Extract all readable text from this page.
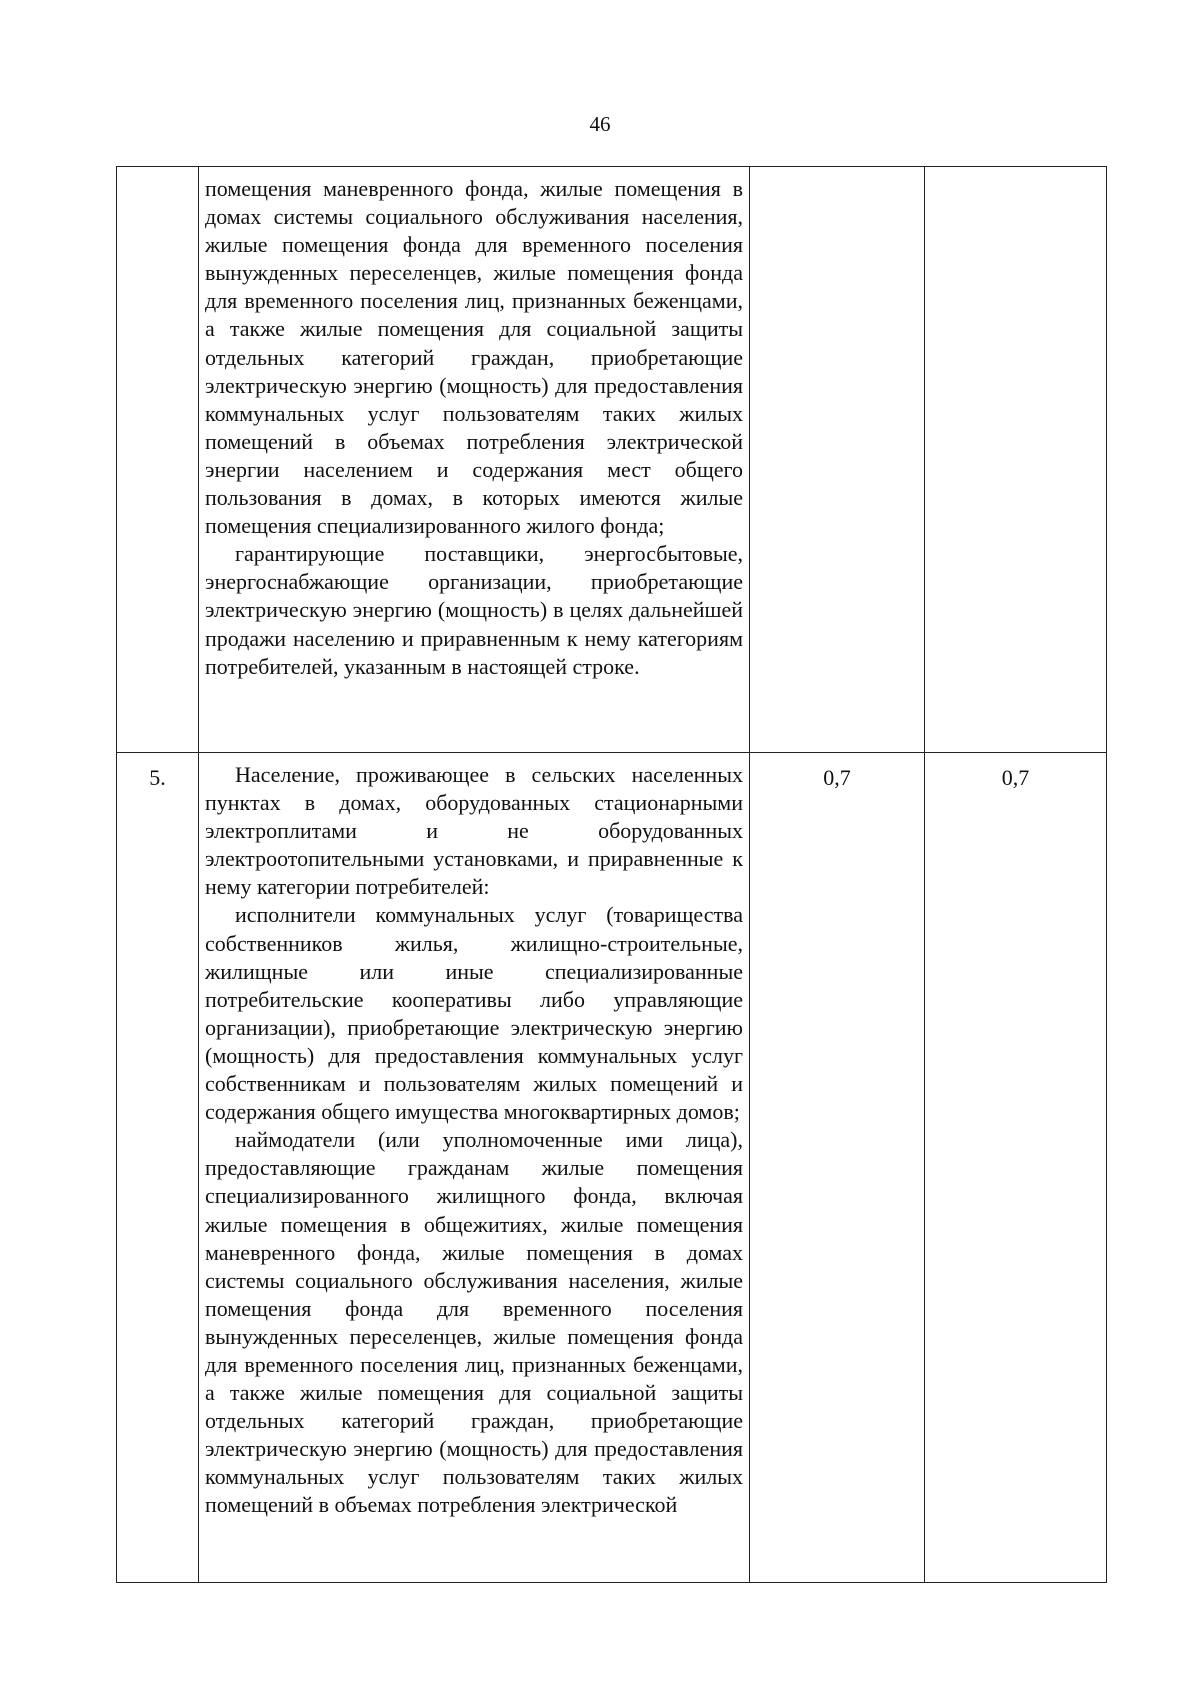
46

	помещения маневренного фонда, жилые помещения в домах системы социального обслуживания населения, жилые помещения фонда для временного поселения вынужденных переселенцев, жилые помещения фонда для временного поселения лиц, признанных беженцами, а также жилые помещения для социальной защиты отдельных категорий граждан, приобретающие электрическую энергию (мощность) для предоставления коммунальных услуг пользователям таких жилых помещений в объемах потребления электрической энергии населением и содержания мест общего пользования в домах, в которых имеются жилые помещения специализированного жилого фонда;

гарантирующие поставщики, энергосбытовые, энергоснабжающие организации, приобретающие электрическую энергию (мощность) в целях дальнейшей продажи населению и приравненным к нему категориям потребителей, указанным в настоящей строке.		

5.	Население, проживающее в сельских населенных пунктах в домах, оборудованных стационарными электроплитами и не оборудованных электроотопительными установками, и приравненные к нему категории потребителей:

исполнители коммунальных услуг (товарищества собственников жилья, жилищно-строительные, жилищные или иные специализированные потребительские кооперативы либо управляющие организации), приобретающие электрическую энергию (мощность) для предоставления коммунальных услуг собственникам и пользователям жилых помещений и содержания общего имущества многоквартирных домов;

наймодатели (или уполномоченные ими лица), предоставляющие гражданам жилые помещения специализированного жилищного фонда, включая жилые помещения в общежитиях, жилые помещения маневренного фонда, жилые помещения в домах системы социального обслуживания населения, жилые помещения фонда для временного поселения вынужденных переселенцев, жилые помещения фонда для временного поселения лиц, признанных беженцами, а также жилые помещения для социальной защиты отдельных категорий граждан, приобретающие электрическую энергию (мощность) для предоставления коммунальных услуг пользователям таких жилых помещений в объемах потребления электрической	0,7	0,7
